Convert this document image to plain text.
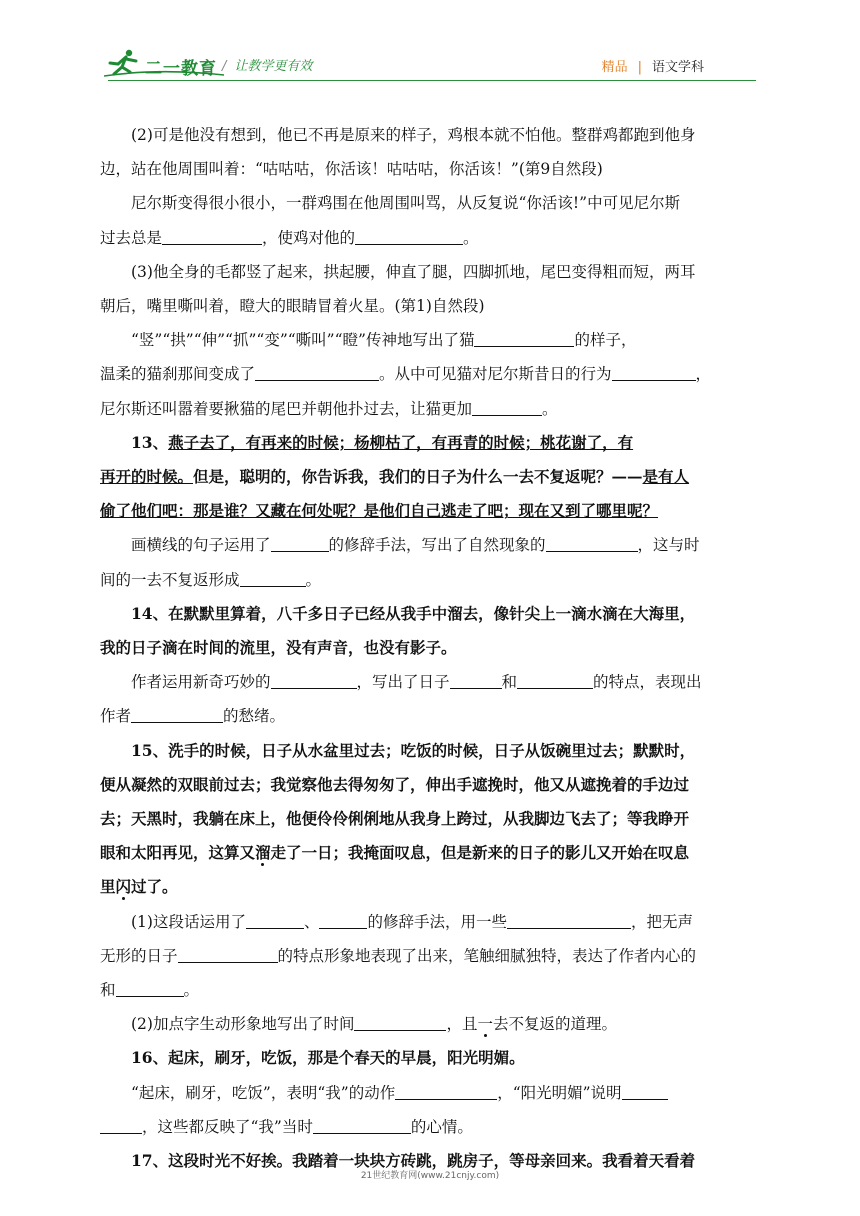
二一教育 / 让教学更有效	精品 | 语文学科

(2)可是他没有想到，他已不再是原来的样子，鸡根本就不怕他。整群鸡都跑到他身

边，站在他周围叫着：“咕咕咕，你活该！咕咕咕，你活该！”(第9自然段)

尼尔斯变得很小很小，一群鸡围在他周围叫骂，从反复说“你活该!”中可见尼尔斯

过去总是	，使鸡对他的	。

(3)他全身的毛都竖了起来，拱起腰，伸直了腿，四脚抓地，尾巴变得粗而短，两耳

朝后，嘴里嘶叫着，瞪大的眼睛冒着火星。(第1)自然段)

“竖”“拱”“伸”“抓”“变”“嘶叫”“瞪”传神地写出了猫	的样子，

温柔的猫刹那间变成了	。从中可见猫对尼尔斯昔日的行为	，

尼尔斯还叫嚣着要揪猫的尾巴并朝他扑过去，让猫更加	。

13、燕子去了，有再来的时候；杨柳枯了，有再青的时候；桃花谢了，有

再开的时候。但是，聪明的，你告诉我，我们的日子为什么一去不复返呢？——是有人

偷了他们吧：那是谁？又藏在何处呢？是他们自己逃走了吧；现在又到了哪里呢？

画横线的句子运用了	的修辞手法，写出了自然现象的	，这与时

间的一去不复返形成	。

14、在默默里算着，八千多日子已经从我手中溜去，像针尖上一滴水滴在大海里，

我的日子滴在时间的流里，没有声音，也没有影子。

作者运用新奇巧妙的	，写出了日子	和	的特点，表现出

作者	的愁绪。

15、洗手的时候，日子从水盆里过去；吃饭的时候，日子从饭碗里过去；默默时，

便从凝然的双眼前过去；我觉察他去得匆匆了，伸出手遮挽时，他又从遮挽着的手边过

去；天黑时，我躺在床上，他便伶伶俐俐地从我身上跨过，从我脚边飞去了；等我睁开

眼和太阳再见，这算又溜走了一日；我掩面叹息，但是新来的日子的影儿又开始在叹息

里闪过了。

(1)这段话运用了	、	的修辞手法，用一些	，把无声

无形的日子	的特点形象地表现了出来，笔触细腻独特，表达了作者内心的

和	。

(2)加点字生动形象地写出了时间	，且一去不复返的道理。

16、起床，刷牙，吃饭，那是个春天的早晨，阳光明媚。

“起床，刷牙，吃饭”，表明“我”的动作	，“阳光明媚”说明

，这些都反映了“我”当时	的心情。

17、这段时光不好挨。我踏着一块块方砖跳，跳房子，等母亲回来。我看着天看着

21世纪教育网(www.21cnjy.com)
